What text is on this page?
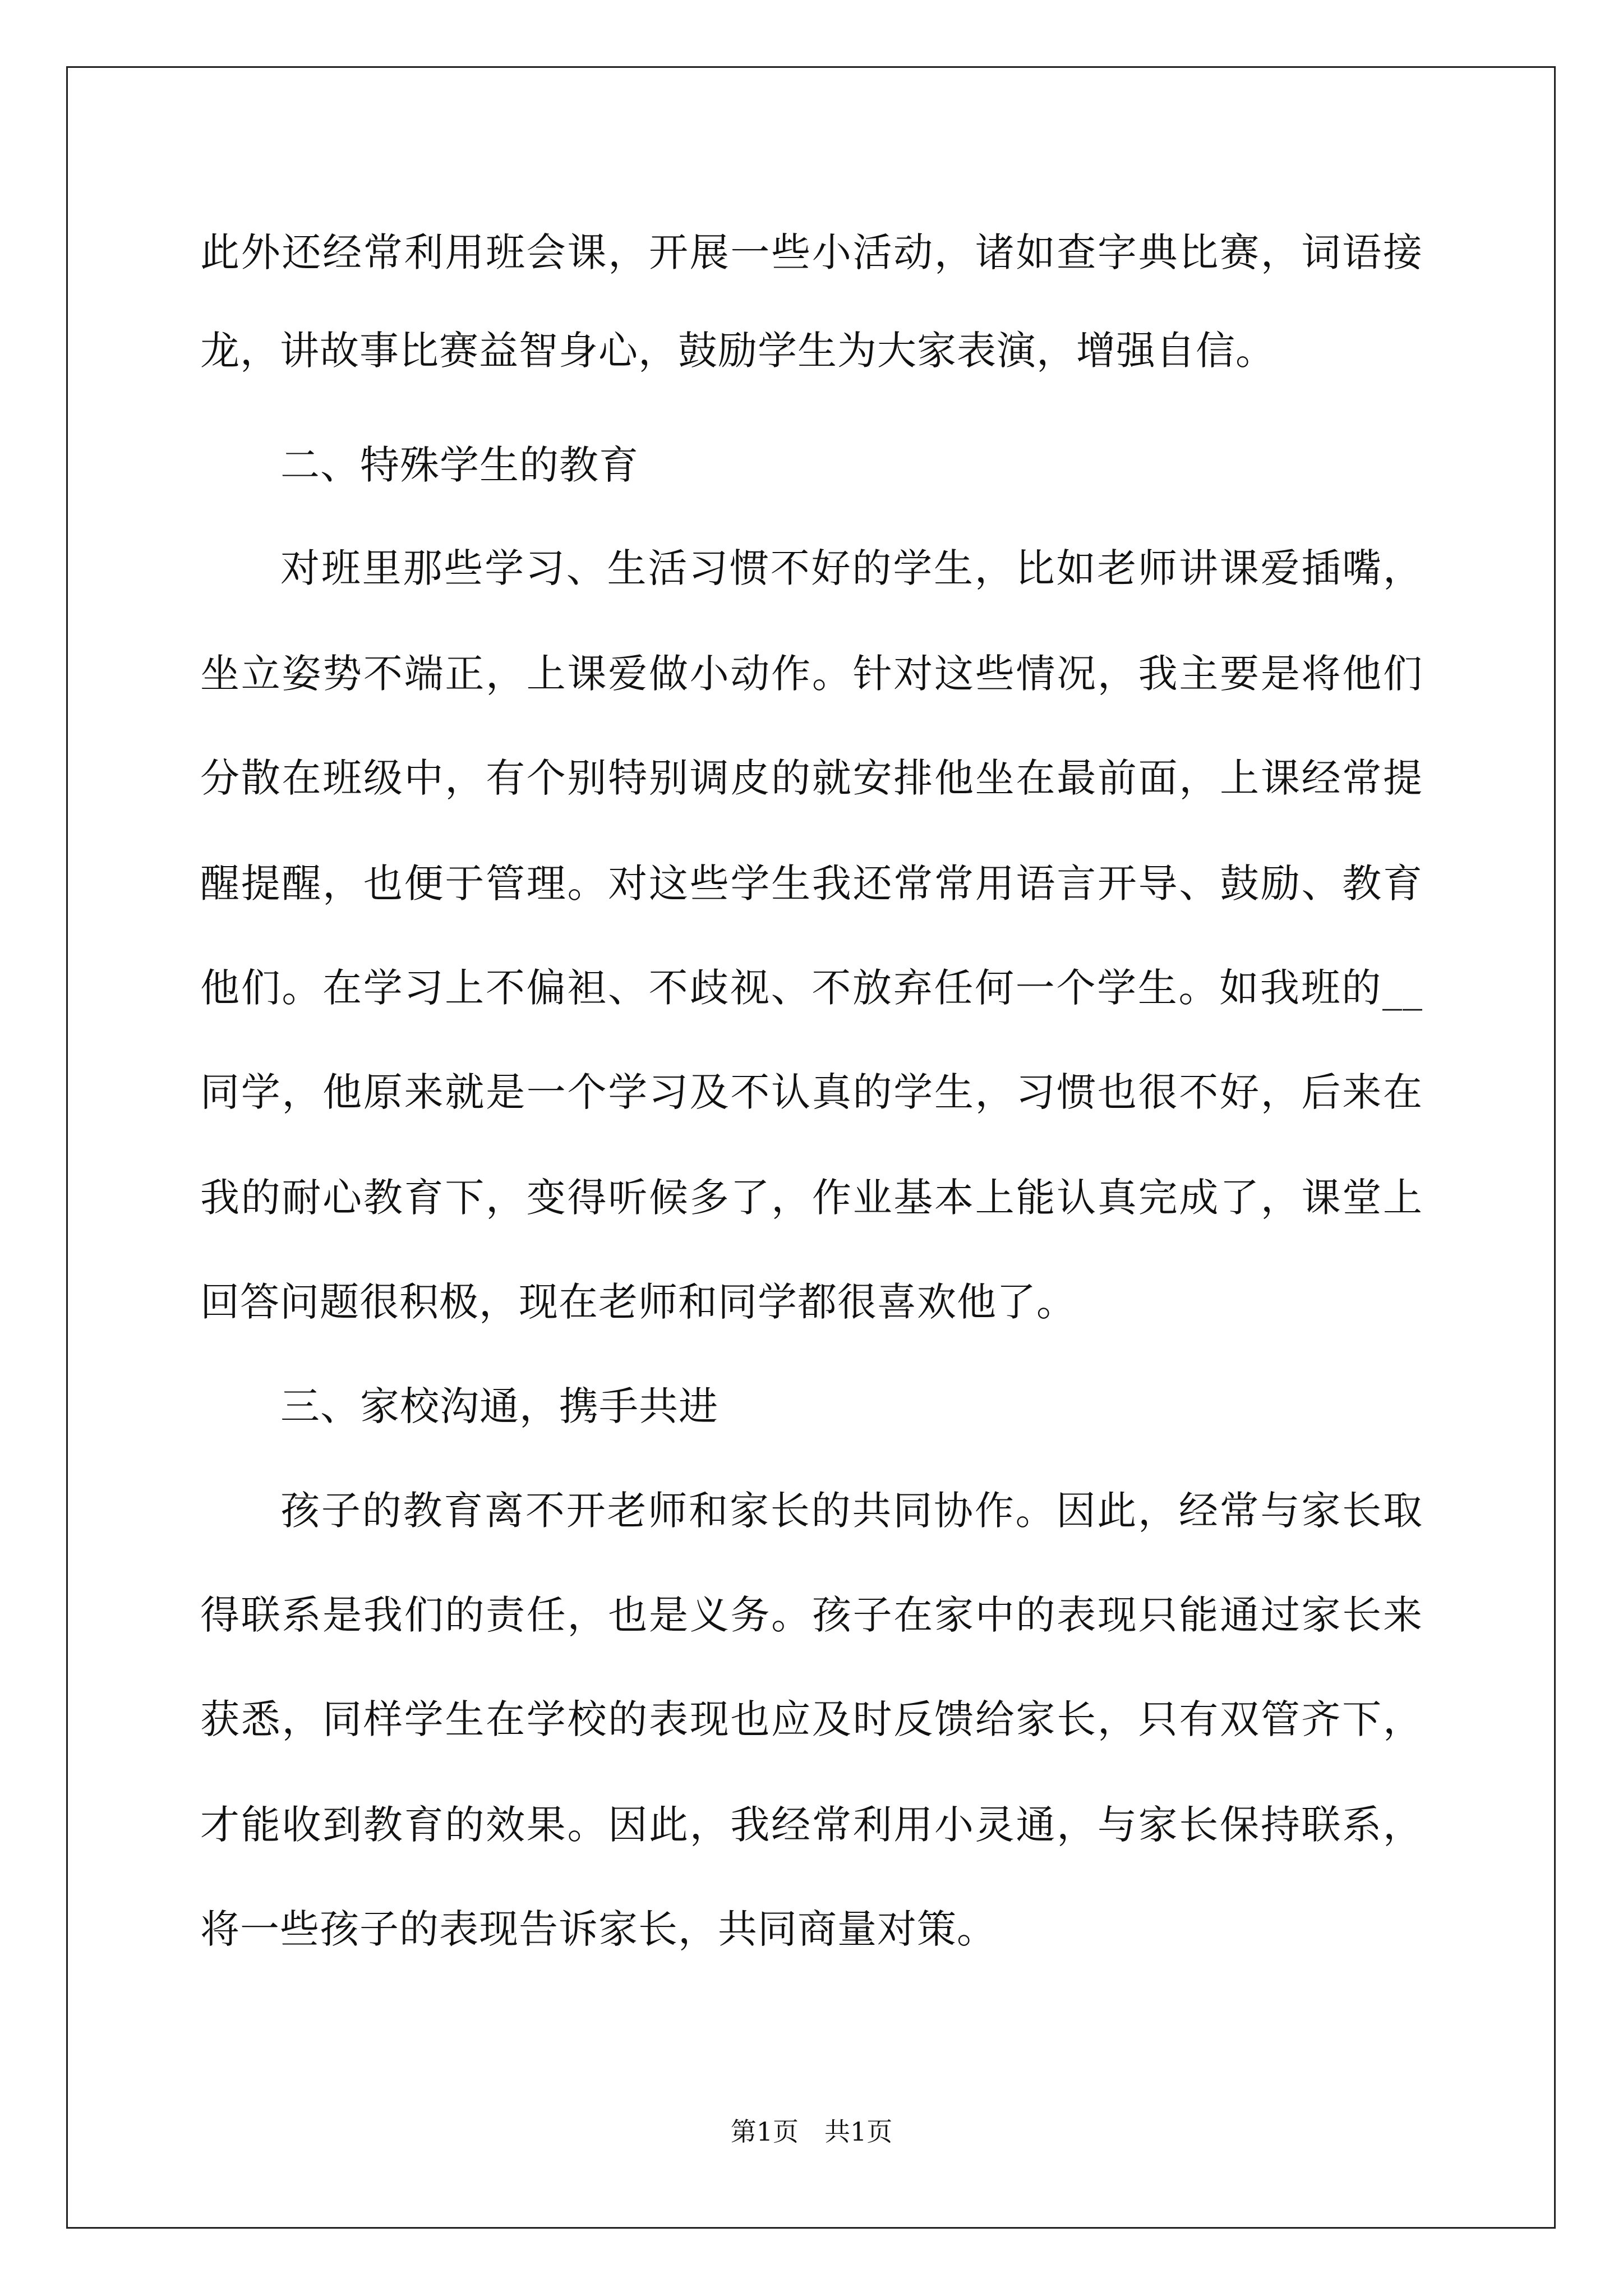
此外还经常利用班会课，开展一些小活动，诸如查字典比赛，词语接
龙，讲故事比赛益智身心，鼓励学生为大家表演，增强自信。
二、特殊学生的教育
对班里那些学习、生活习惯不好的学生，比如老师讲课爱插嘴，
坐立姿势不端正，上课爱做小动作。针对这些情况，我主要是将他们
分散在班级中，有个别特别调皮的就安排他坐在最前面，上课经常提
醒提醒，也便于管理。对这些学生我还常常用语言开导、鼓励、教育
他们。在学习上不偏袒、不歧视、不放弃任何一个学生。如我班的__
同学，他原来就是一个学习及不认真的学生，习惯也很不好，后来在
我的耐心教育下，变得听候多了，作业基本上能认真完成了，课堂上
回答问题很积极，现在老师和同学都很喜欢他了。
三、家校沟通，携手共进
孩子的教育离不开老师和家长的共同协作。因此，经常与家长取
得联系是我们的责任，也是义务。孩子在家中的表现只能通过家长来
获悉，同样学生在学校的表现也应及时反馈给家长，只有双管齐下，
才能收到教育的效果。因此，我经常利用小灵通，与家长保持联系，
将一些孩子的表现告诉家长，共同商量对策。
第1页　共1页
